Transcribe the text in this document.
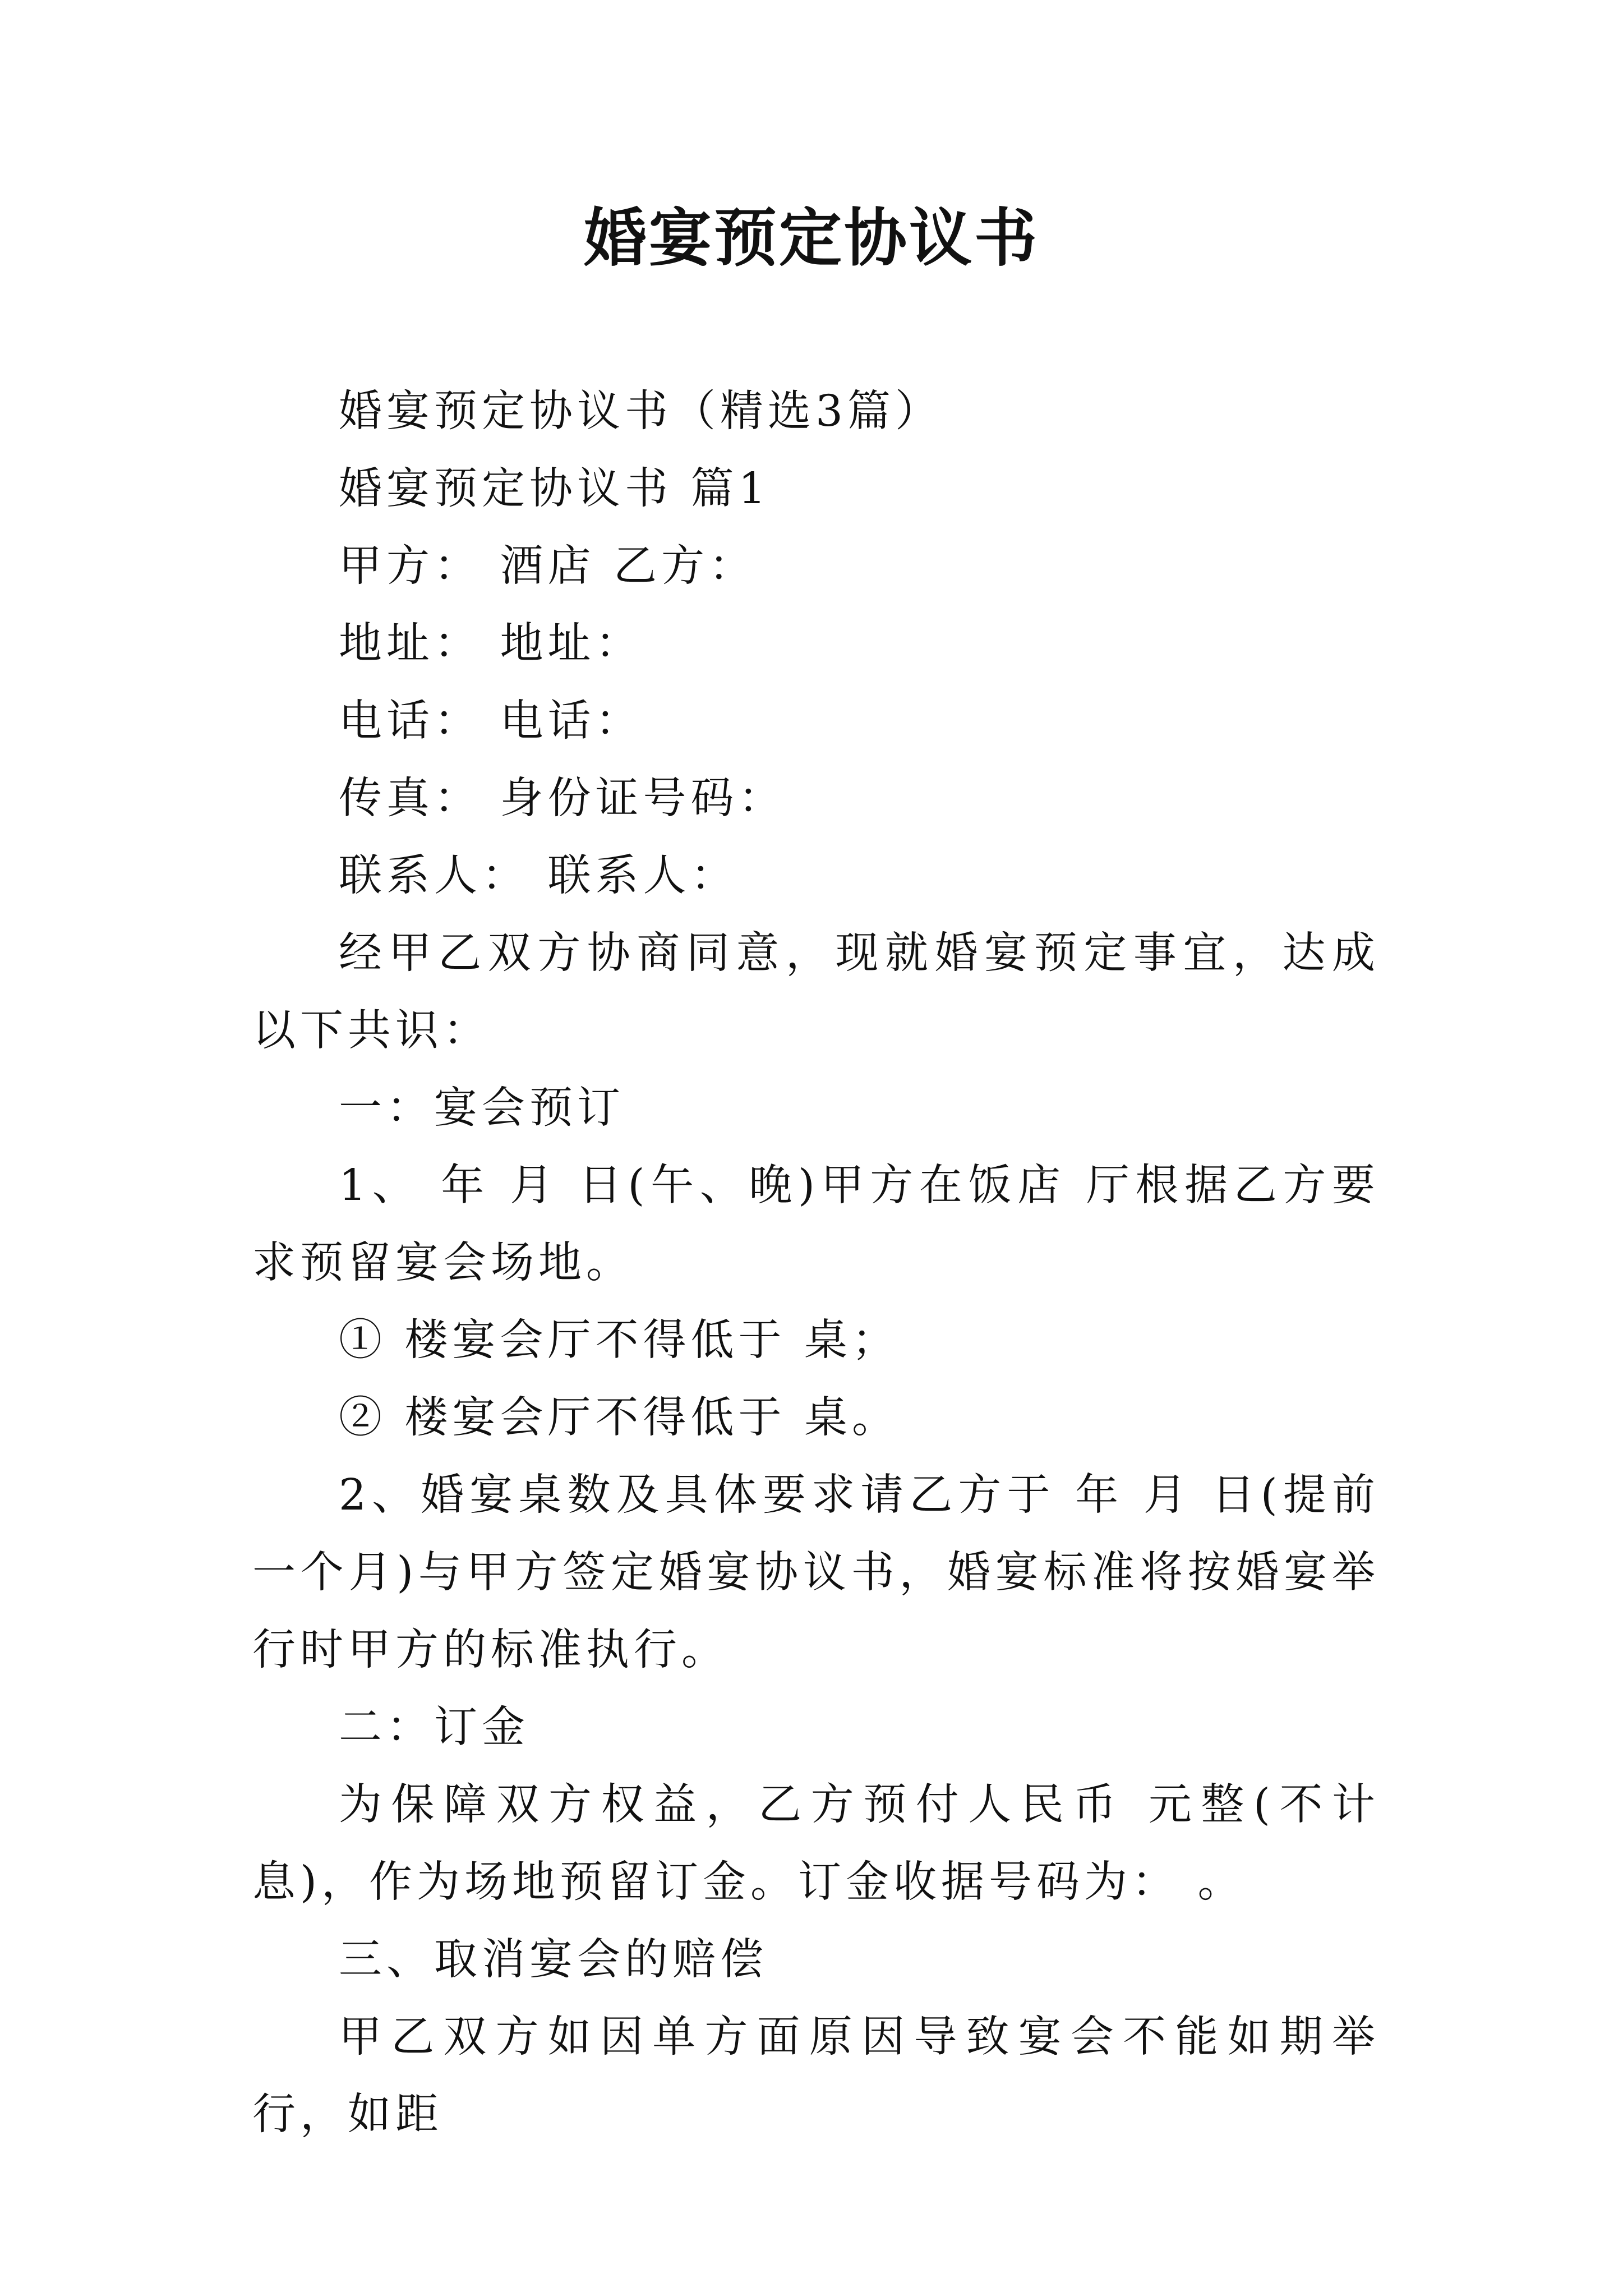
婚宴预定协议书

婚宴预定协议书（精选3篇）

婚宴预定协议书 篇1

甲方： 酒店 乙方：

地址： 地址：

电话： 电话：

传真： 身份证号码：

联系人： 联系人：

经甲乙双方协商同意，现就婚宴预定事宜，达成以下共识：

一：宴会预订

1、 年 月 日(午、晚)甲方在饭店 厅根据乙方要求预留宴会场地。

① 楼宴会厅不得低于 桌；

② 楼宴会厅不得低于 桌。

2、婚宴桌数及具体要求请乙方于 年 月 日(提前一个月)与甲方签定婚宴协议书，婚宴标准将按婚宴举行时甲方的标准执行。

二：订金

为保障双方权益，乙方预付人民币 元整(不计息)，作为场地预留订金。订金收据号码为： 。

三、取消宴会的赔偿

甲乙双方如因单方面原因导致宴会不能如期举行，如距
